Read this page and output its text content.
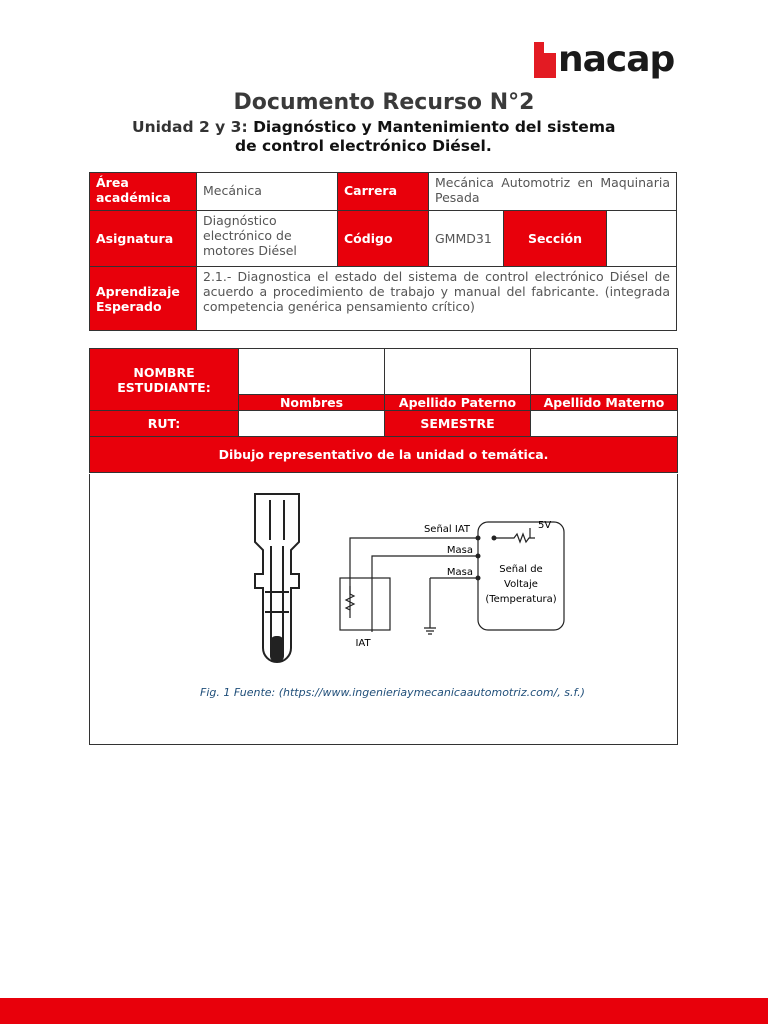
nacap
Documento Recurso N°2
Unidad 2 y 3: Diagnóstico y Mantenimiento del sistema
de control electrónico Diésel.
Área académica	Mecánica	Carrera	Mecánica Automotriz en Maquinaria Pesada		
Asignatura	Diagnóstico electrónico de motores Diésel	Código	GMMD31	Sección	
Aprendizaje Esperado	2.1.- Diagnostica el estado del sistema de control electrónico Diésel de acuerdo a procedimiento de trabajo y manual del fabricante. (integrada competencia genérica pensamiento crítico)				
NOMBRE ESTUDIANTE:			
	Nombres	Apellido Paterno	Apellido Materno
RUT:		SEMESTRE	
Dibujo representativo de la unidad o temática.			
Señal IAT
Masa
Masa
5V
Señal de
Voltaje
(Temperatura)
IAT
Fig. 1 Fuente: (https://www.ingenieriaymecanicaautomotriz.com/, s.f.)
